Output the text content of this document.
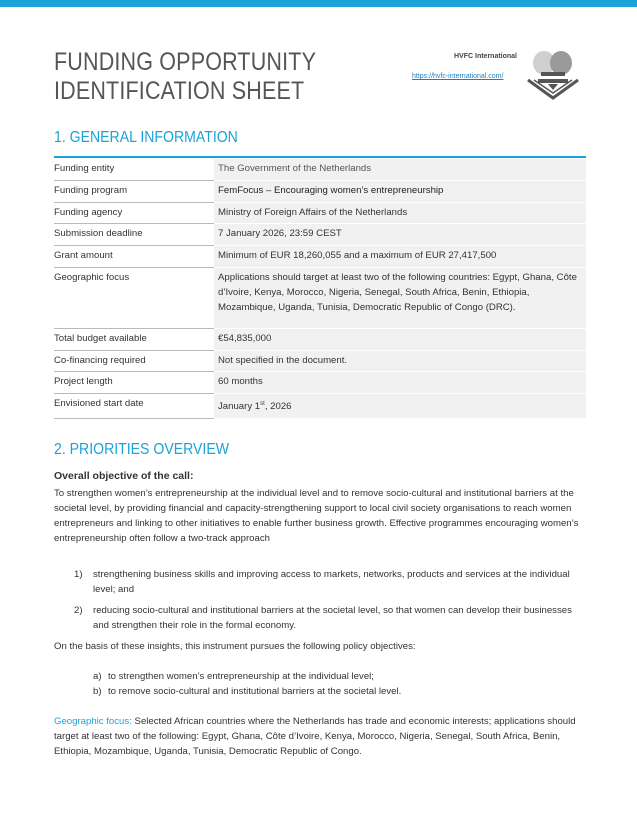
FUNDING OPPORTUNITY
IDENTIFICATION SHEET
HVFC International
https://hvfc-international.com/
1. GENERAL INFORMATION
Funding entity	The Government of the Netherlands
Funding program	FemFocus – Encouraging women’s entrepreneurship
Funding agency	Ministry of Foreign Affairs of the Netherlands
Submission deadline	7 January 2026, 23:59 CEST
Grant amount	Minimum of EUR 18,260,055 and a maximum of EUR 27,417,500
Geographic focus	Applications should target at least two of the following countries: Egypt, Ghana, Côte d’Ivoire, Kenya, Morocco, Nigeria, Senegal, South Africa, Benin, Ethiopia, Mozambique, Uganda, Tunisia, Democratic Republic of Congo (DRC).
Total budget available	€54,835,000
Co-financing required	Not specified in the document.
Project length	60 months
Envisioned start date	January 1st, 2026
2. PRIORITIES OVERVIEW
Overall objective of the call:
To strengthen women’s entrepreneurship at the individual level and to remove socio-cultural and institutional barriers at the societal level, by providing financial and capacity-strengthening support to local civil society organisations to reach women entrepreneurs and linking to other initiatives to enable further business growth. Effective programmes encouraging women’s entrepreneurship often follow a two-track approach
1) strengthening business skills and improving access to markets, networks, products and services at the individual level; and
2) reducing socio-cultural and institutional barriers at the societal level, so that women can develop their businesses and strengthen their role in the formal economy.
On the basis of these insights, this instrument pursues the following policy objectives:
a) to strengthen women’s entrepreneurship at the individual level;
b) to remove socio-cultural and institutional barriers at the societal level.
Geographic focus: Selected African countries where the Netherlands has trade and economic interests; applications should target at least two of the following: Egypt, Ghana, Côte d’Ivoire, Kenya, Morocco, Nigeria, Senegal, South Africa, Benin, Ethiopia, Mozambique, Uganda, Tunisia, Democratic Republic of Congo.
